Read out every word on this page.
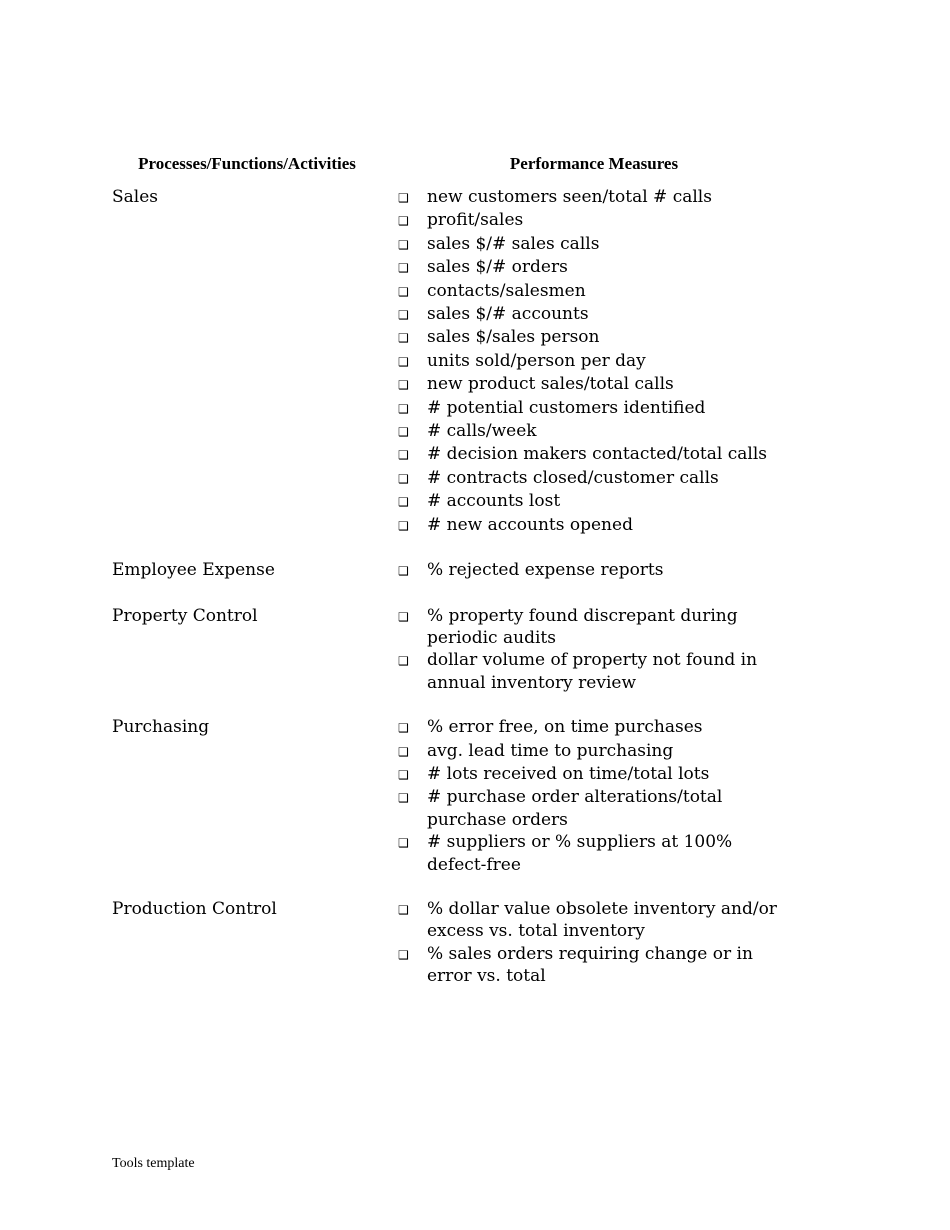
Processes/Functions/Activities	Performance Measures
Sales	❑	new customers seen/total # calls
❑	profit/sales
❑	sales $/# sales calls
❑	sales $/# orders
❑	contacts/salesmen
❑	sales $/# accounts
❑	sales $/sales person
❑	units sold/person per day
❑	new product sales/total calls
❑	# potential customers identified
❑	# calls/week
❑	# decision makers contacted/total calls
❑	# contracts closed/customer calls
❑	# accounts lost
❑	# new accounts opened
Employee Expense	❑	% rejected expense reports
Property Control	❑	% property found discrepant during periodic audits
❑	dollar volume of property not found in annual inventory review
Purchasing	❑	% error free, on time purchases
❑	avg. lead time to purchasing
❑	# lots received on time/total lots
❑	# purchase order alterations/total purchase orders
❑	# suppliers or % suppliers at 100% defect-free
Production Control	❑	% dollar value obsolete inventory and/or excess vs. total inventory
❑	% sales orders requiring change or in error vs. total
Tools template
